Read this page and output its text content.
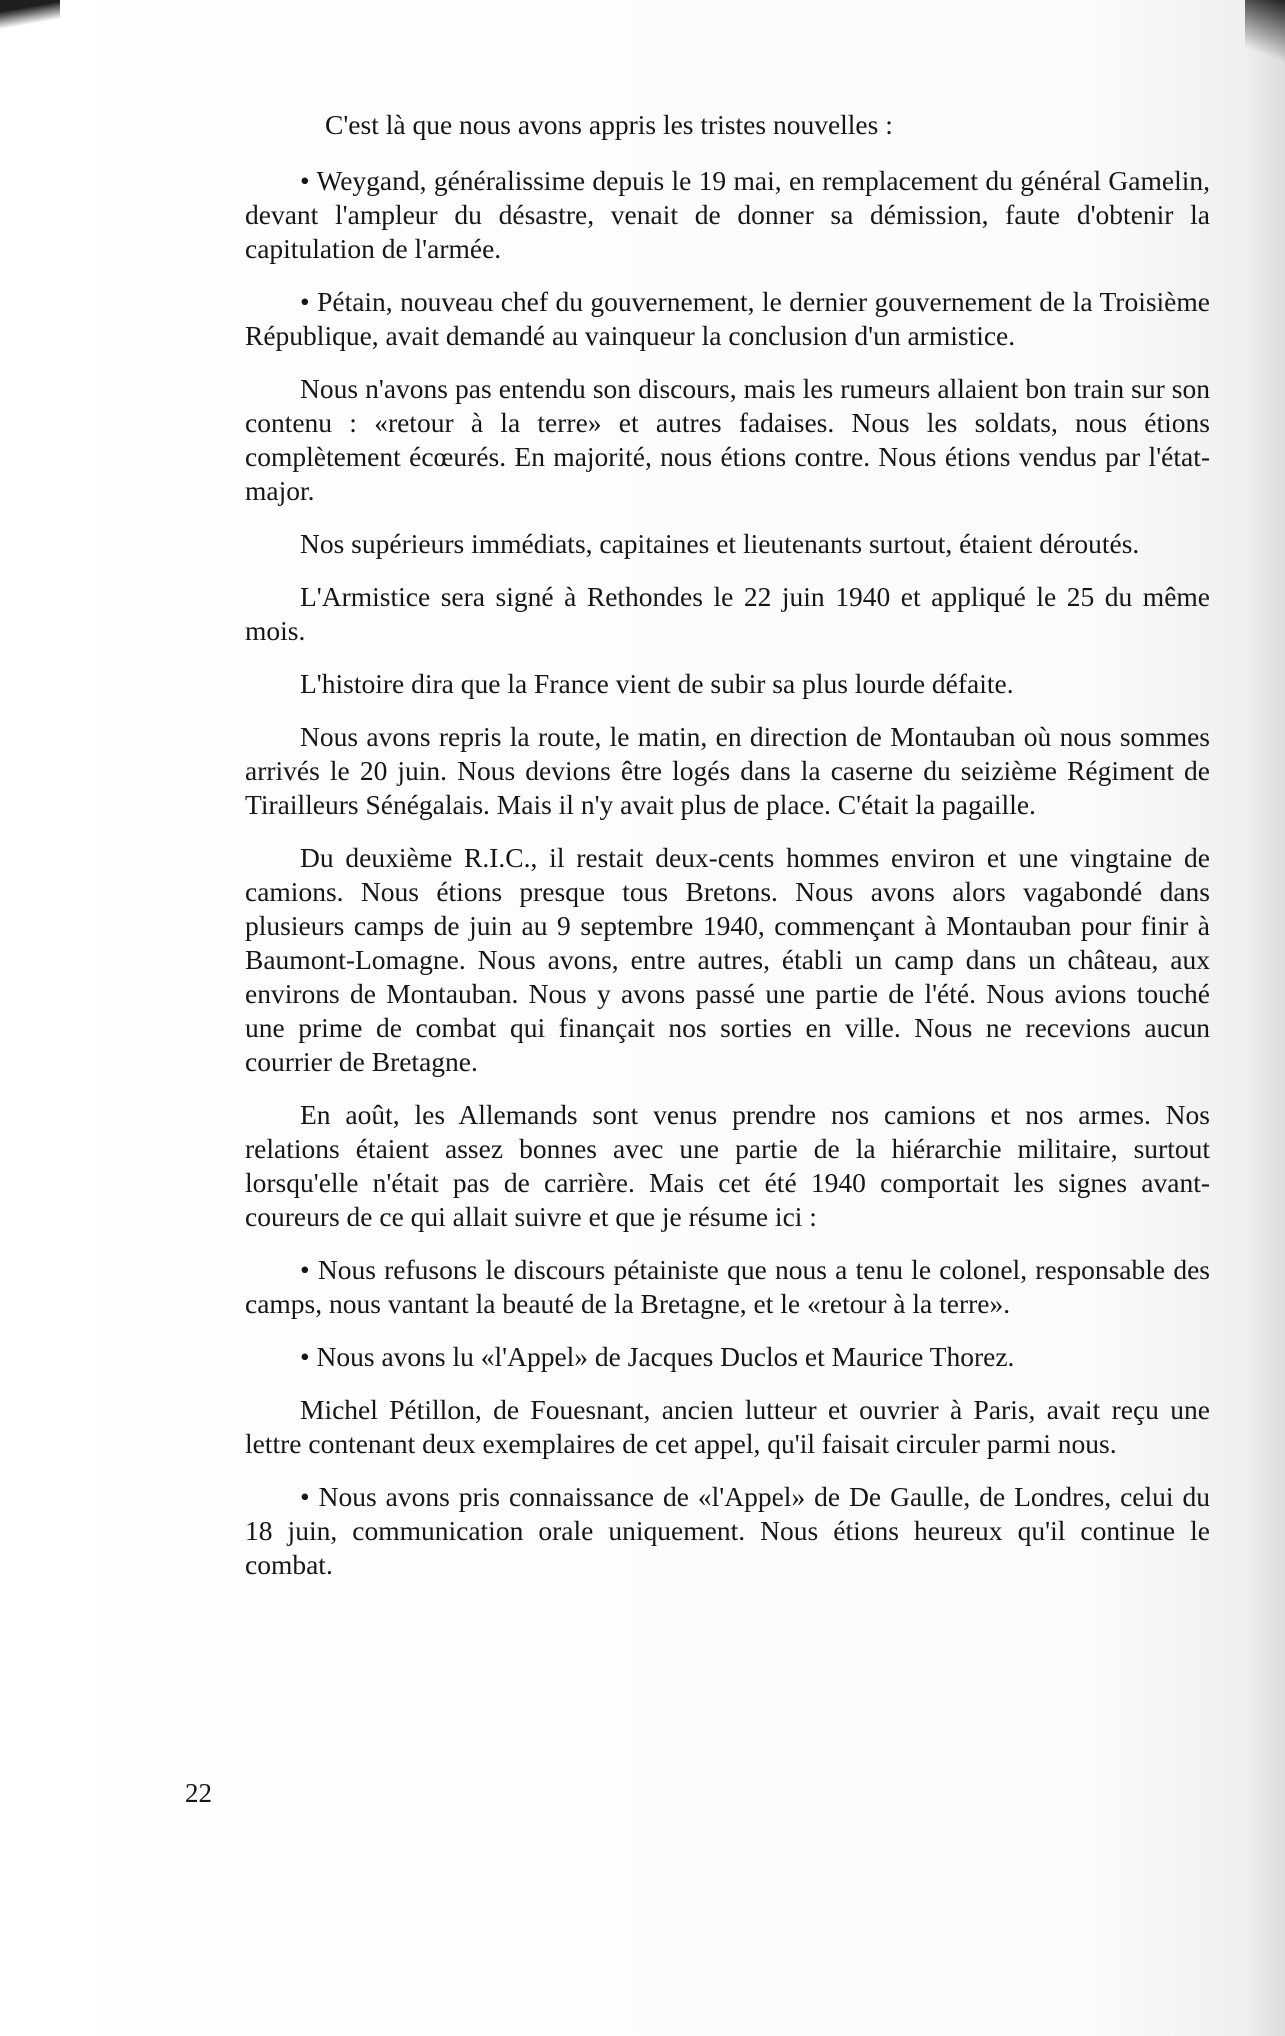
C'est là que nous avons appris les tristes nouvelles :

• Weygand, généralissime depuis le 19 mai, en remplacement du général Gamelin, devant l'ampleur du désastre, venait de donner sa démission, faute d'obtenir la capitulation de l'armée.

• Pétain, nouveau chef du gouvernement, le dernier gouvernement de la Troisième République, avait demandé au vainqueur la conclusion d'un armistice.

Nous n'avons pas entendu son discours, mais les rumeurs allaient bon train sur son contenu : «retour à la terre» et autres fadaises. Nous les soldats, nous étions complètement écœurés. En majorité, nous étions contre. Nous étions vendus par l'état-major.

Nos supérieurs immédiats, capitaines et lieutenants surtout, étaient déroutés.

L'Armistice sera signé à Rethondes le 22 juin 1940 et appliqué le 25 du même mois.

L'histoire dira que la France vient de subir sa plus lourde défaite.

Nous avons repris la route, le matin, en direction de Montauban où nous sommes arrivés le 20 juin. Nous devions être logés dans la caserne du seizième Régiment de Tirailleurs Sénégalais. Mais il n'y avait plus de place. C'était la pagaille.

Du deuxième R.I.C., il restait deux-cents hommes environ et une vingtaine de camions. Nous étions presque tous Bretons. Nous avons alors vagabondé dans plusieurs camps de juin au 9 septembre 1940, commençant à Montauban pour finir à Baumont-Lomagne. Nous avons, entre autres, établi un camp dans un château, aux environs de Montauban. Nous y avons passé une partie de l'été. Nous avions touché une prime de combat qui finançait nos sorties en ville. Nous ne recevions aucun courrier de Bretagne.

En août, les Allemands sont venus prendre nos camions et nos armes. Nos relations étaient assez bonnes avec une partie de la hiérarchie militaire, surtout lorsqu'elle n'était pas de carrière. Mais cet été 1940 comportait les signes avant-coureurs de ce qui allait suivre et que je résume ici :

• Nous refusons le discours pétainiste que nous a tenu le colonel, responsable des camps, nous vantant la beauté de la Bretagne, et le «retour à la terre».

• Nous avons lu «l'Appel» de Jacques Duclos et Maurice Thorez.

Michel Pétillon, de Fouesnant, ancien lutteur et ouvrier à Paris, avait reçu une lettre contenant deux exemplaires de cet appel, qu'il faisait circuler parmi nous.

• Nous avons pris connaissance de «l'Appel» de De Gaulle, de Londres, celui du 18 juin, communication orale uniquement. Nous étions heureux qu'il continue le combat.

22
